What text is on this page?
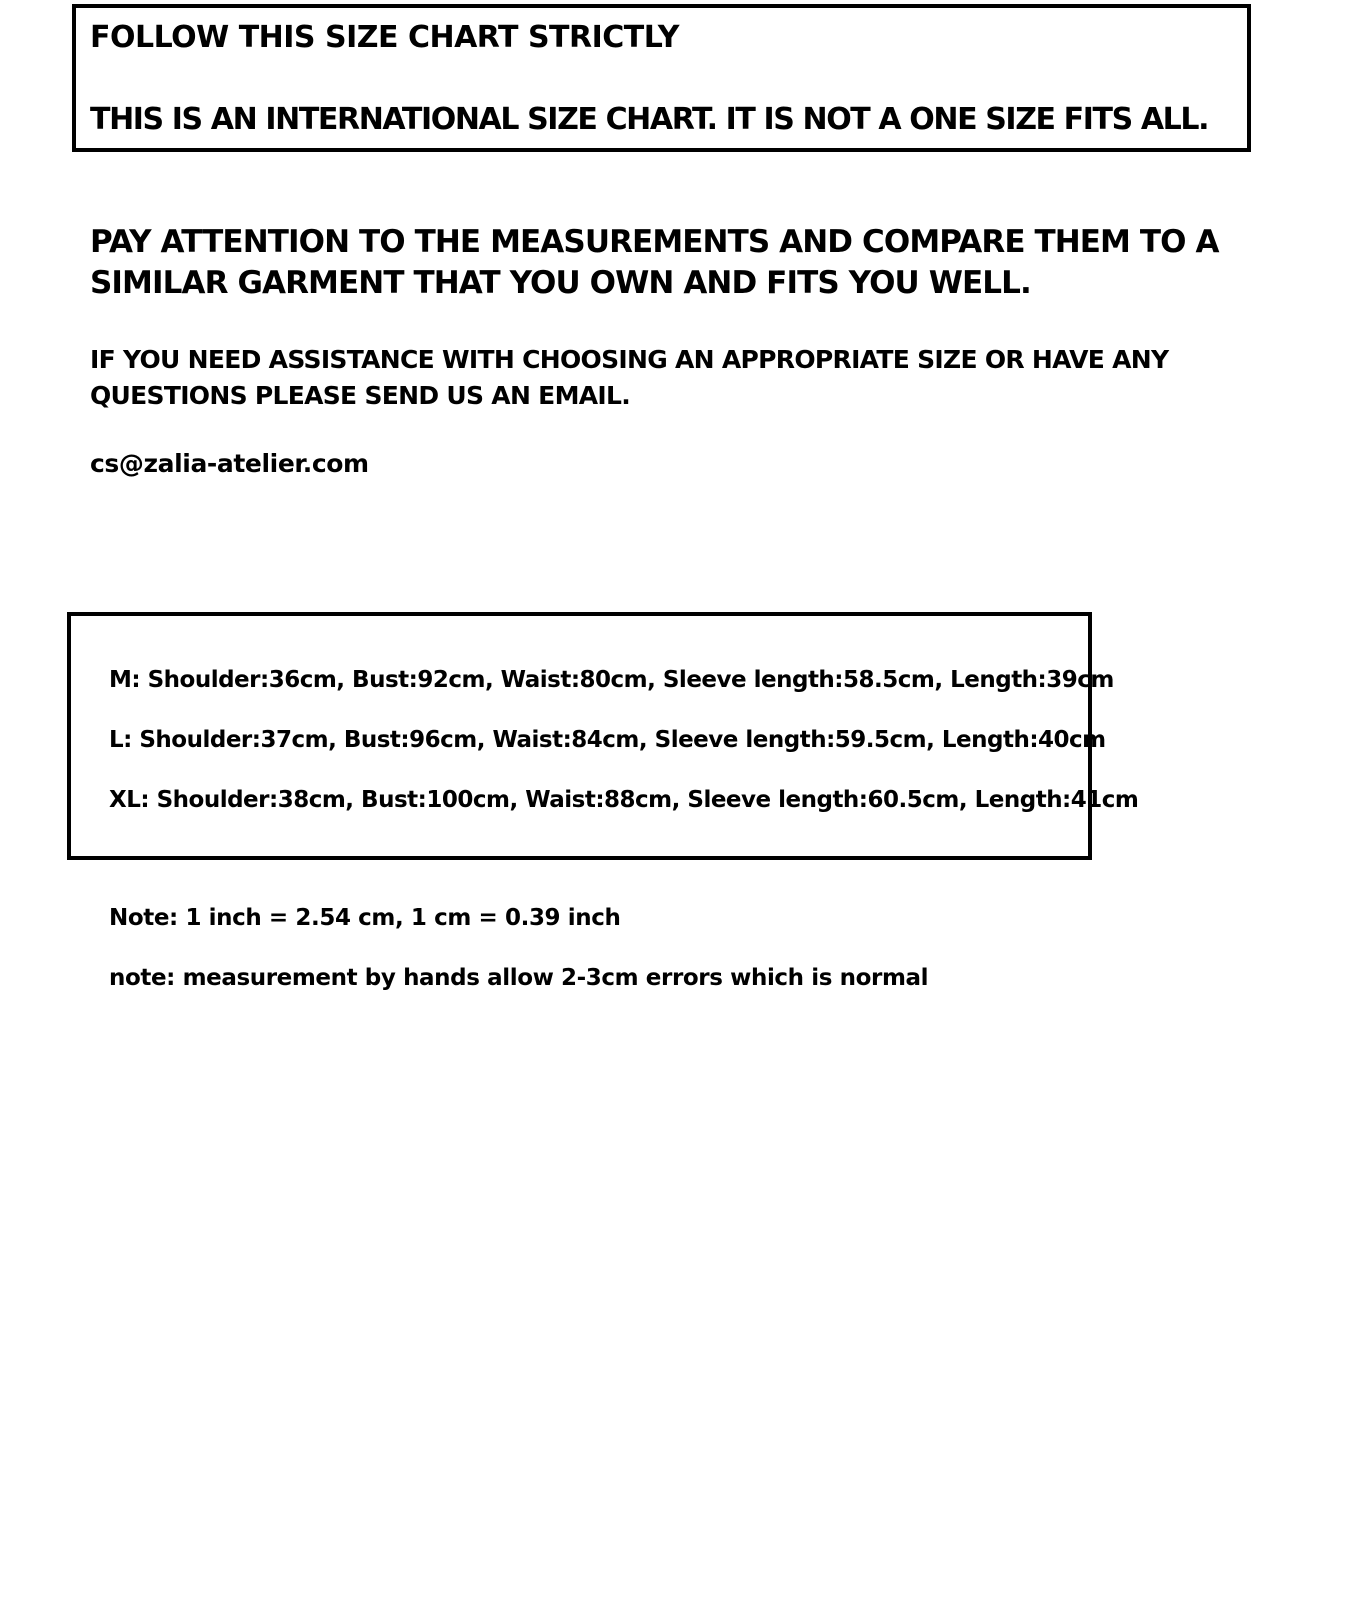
FOLLOW THIS SIZE CHART STRICTLY
THIS IS AN INTERNATIONAL SIZE CHART. IT IS NOT A ONE SIZE FITS ALL.
PAY ATTENTION TO THE MEASUREMENTS AND COMPARE THEM TO A
SIMILAR GARMENT THAT YOU OWN AND FITS YOU WELL.
IF YOU NEED ASSISTANCE WITH CHOOSING AN APPROPRIATE SIZE OR HAVE ANY
QUESTIONS PLEASE SEND US AN EMAIL.
cs@zalia-atelier.com
M: Shoulder:36cm, Bust:92cm, Waist:80cm, Sleeve length:58.5cm, Length:39cm
L: Shoulder:37cm, Bust:96cm, Waist:84cm, Sleeve length:59.5cm, Length:40cm
XL: Shoulder:38cm, Bust:100cm, Waist:88cm, Sleeve length:60.5cm, Length:41cm
Note: 1 inch = 2.54 cm, 1 cm = 0.39 inch
note: measurement by hands allow 2-3cm errors which is normal
